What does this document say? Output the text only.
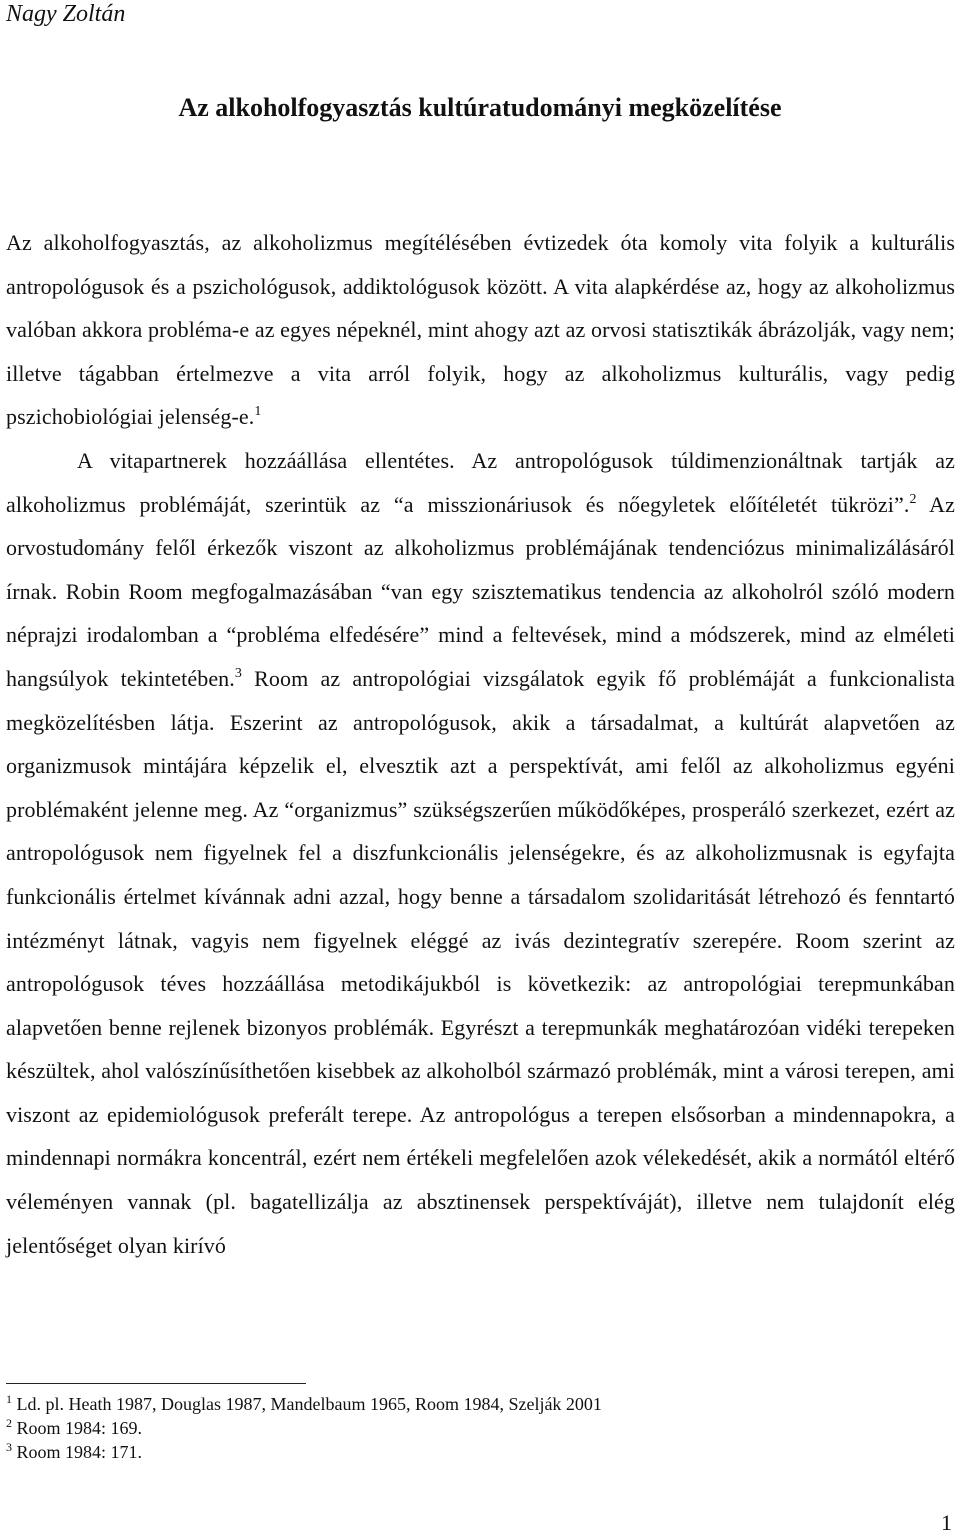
Nagy Zoltán
Az alkoholfogyasztás kultúratudományi megközelítése

Az alkoholfogyasztás, az alkoholizmus megítélésében évtizedek óta komoly vita folyik a kulturális antropológusok és a pszichológusok, addiktológusok között. A vita alapkérdése az, hogy az alkoholizmus valóban akkora probléma-e az egyes népeknél, mint ahogy azt az orvosi statisztikák ábrázolják, vagy nem; illetve tágabban értelmezve a vita arról folyik, hogy az alkoholizmus kulturális, vagy pedig pszichobiológiai jelenség-e.$^1$

A vitapartnerek hozzáállása ellentétes. Az antropológusok túldimenzionáltnak tartják az alkoholizmus problémáját, szerintük az “a misszionáriusok és nőegyletek előítéletét tükrözi”.$^2$ Az orvostudomány felől érkezők viszont az alkoholizmus problémájának tendenciózus minimalizálásáról írnak. Robin Room megfogalmazásában “van egy szisztematikus tendencia az alkoholról szóló modern néprajzi irodalomban a “probléma elfedésére” mind a feltevések, mind a módszerek, mind az elméleti hangsúlyok tekintetében.$^3$ Room az antropológiai vizsgálatok egyik fő problémáját a funkcionalista megközelítésben látja. Eszerint az antropológusok, akik a társadalmat, a kultúrát alapvetően az organizmusok mintájára képzelik el, elvesztik azt a perspektívát, ami felől az alkoholizmus egyéni problémaként jelenne meg. Az “organizmus” szükségszerűen működőképes, prosperáló szerkezet, ezért az antropológusok nem figyelnek fel a diszfunkcionális jelenségekre, és az alkoholizmusnak is egyfajta funkcionális értelmet kívánnak adni azzal, hogy benne a társadalom szolidaritását létrehozó és fenntartó intézményt látnak, vagyis nem figyelnek eléggé az ivás dezintegratív szerepére. Room szerint az antropológusok téves hozzáállása metodikájukból is következik: az antropológiai terepmunkában alapvetően benne rejlenek bizonyos problémák. Egyrészt a terepmunkák meghatározóan vidéki terepeken készültek, ahol valószínűsíthetően kisebbek az alkoholból származó problémák, mint a városi terepen, ami viszont az epidemiológusok preferált terepe. Az antropológus a terepen elsősorban a mindennapokra, a mindennapi normákra koncentrál, ezért nem értékeli megfelelően azok vélekedését, akik a normától eltérő véleményen vannak (pl. bagatellizálja az absztinensek perspektíváját), illetve nem tulajdonít elég jelentőséget olyan kirívó

$^1$ Ld. pl. Heath 1987, Douglas 1987, Mandelbaum 1965, Room 1984, Szelják 2001
$^2$ Room 1984: 169.
$^3$ Room 1984: 171.
1
